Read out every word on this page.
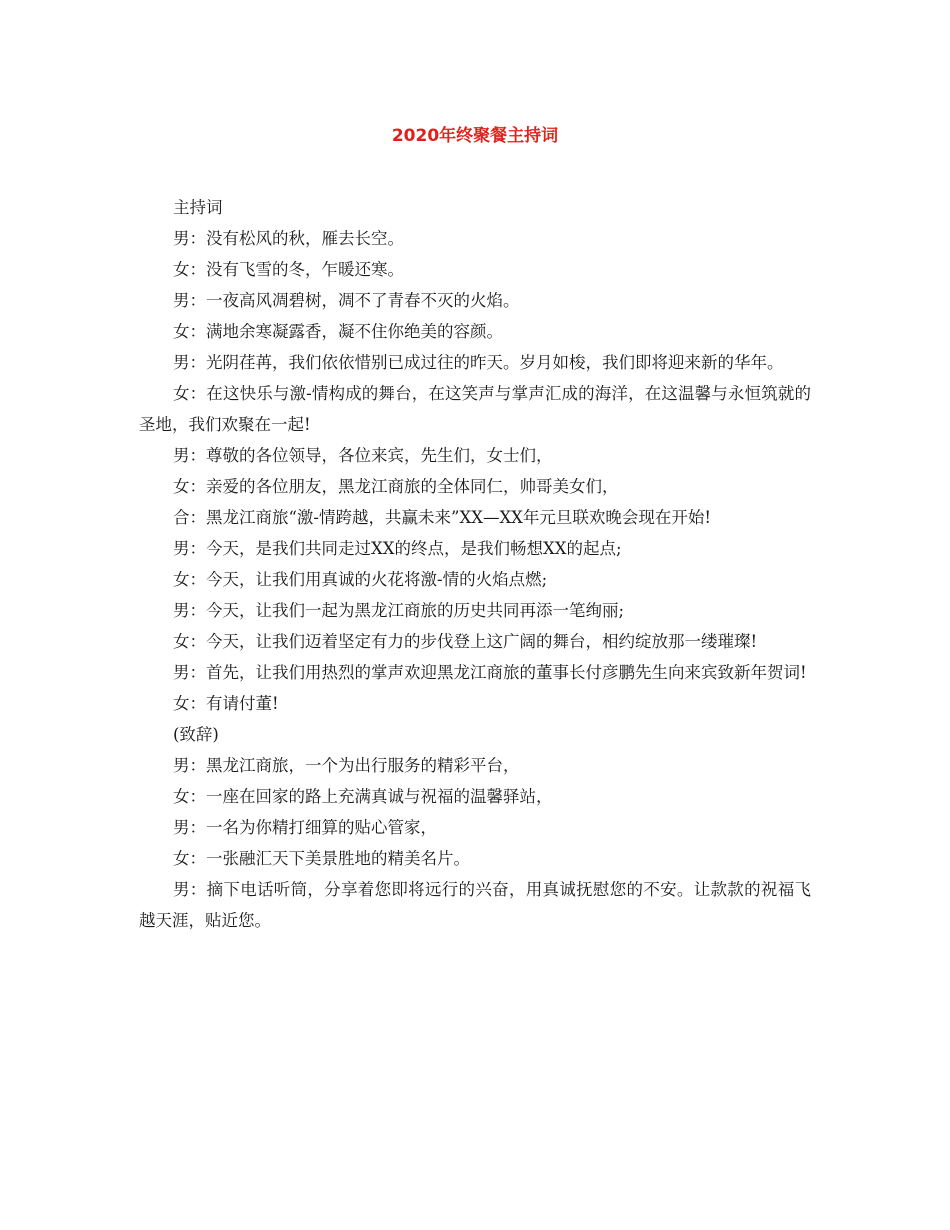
2020年终聚餐主持词

主持词

男：没有松风的秋，雁去长空。

女：没有飞雪的冬，乍暖还寒。

男：一夜高风凋碧树，凋不了青春不灭的火焰。

女：满地余寒凝露香，凝不住你绝美的容颜。

男：光阴荏苒，我们依依惜别已成过往的昨天。岁月如梭，我们即将迎来新的华年。

女：在这快乐与激-情构成的舞台，在这笑声与掌声汇成的海洋，在这温馨与永恒筑就的圣地，我们欢聚在一起!

男：尊敬的各位领导，各位来宾，先生们，女士们，

女：亲爱的各位朋友，黑龙江商旅的全体同仁，帅哥美女们，

合：黑龙江商旅“激-情跨越，共赢未来”XX—XX年元旦联欢晚会现在开始!

男：今天，是我们共同走过XX的终点，是我们畅想XX的起点;

女：今天，让我们用真诚的火花将激-情的火焰点燃;

男：今天，让我们一起为黑龙江商旅的历史共同再添一笔绚丽;

女：今天，让我们迈着坚定有力的步伐登上这广阔的舞台，相约绽放那一缕璀璨!

男：首先，让我们用热烈的掌声欢迎黑龙江商旅的董事长付彦鹏先生向来宾致新年贺词!

女：有请付董!

(致辞)

男：黑龙江商旅，一个为出行服务的精彩平台，

女：一座在回家的路上充满真诚与祝福的温馨驿站，

男：一名为你精打细算的贴心管家，

女：一张融汇天下美景胜地的精美名片。

男：摘下电话听筒，分享着您即将远行的兴奋，用真诚抚慰您的不安。让款款的祝福飞越天涯，贴近您。
